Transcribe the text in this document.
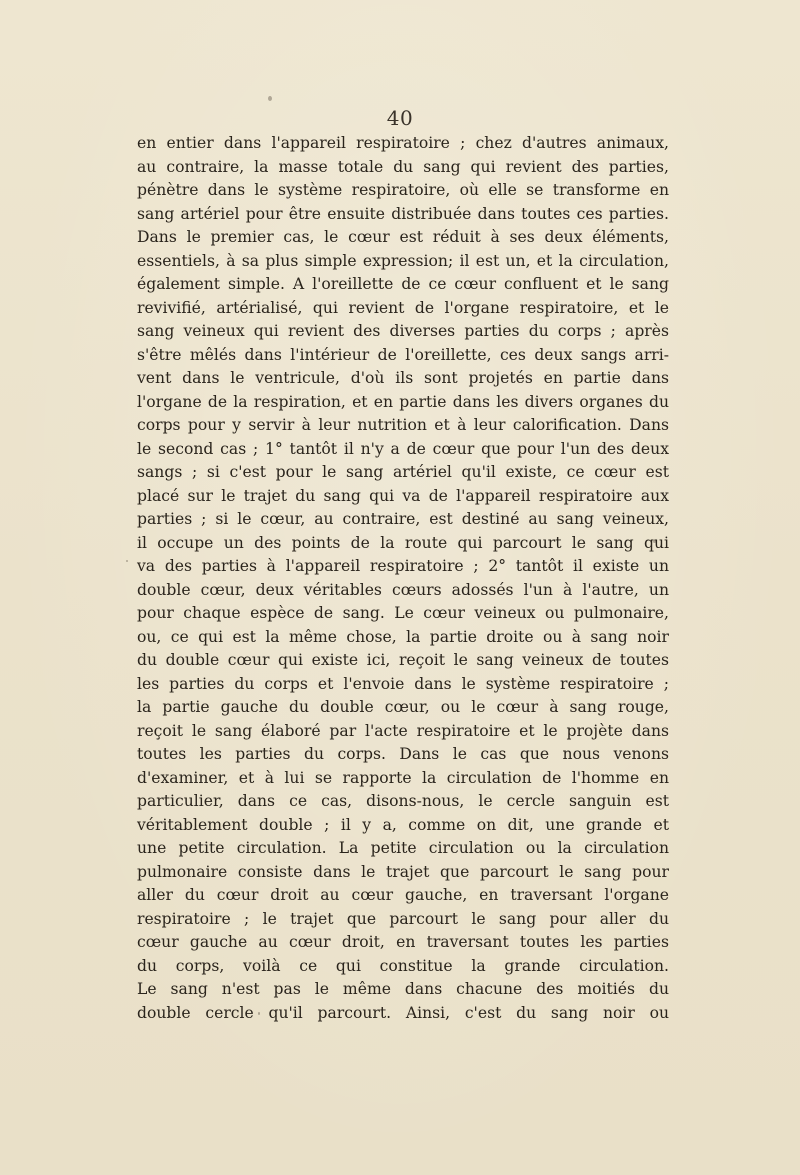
40
en entier dans l'appareil respiratoire ; chez d'autres animaux,
au contraire, la masse totale du sang qui revient des parties,
pénètre dans le système respiratoire, où elle se transforme en
sang artériel pour être ensuite distribuée dans toutes ces parties.
Dans le premier cas, le cœur est réduit à ses deux éléments,
essentiels, à sa plus simple expression; il est un, et la circulation,
également simple. A l'oreillette de ce cœur confluent et le sang
revivifié, artérialisé, qui revient de l'organe respiratoire, et le
sang veineux qui revient des diverses parties du corps ; après
s'être mêlés dans l'intérieur de l'oreillette, ces deux sangs arri-
vent dans le ventricule, d'où ils sont projetés en partie dans
l'organe de la respiration, et en partie dans les divers organes du
corps pour y servir à leur nutrition et à leur calorification. Dans
le second cas ; 1° tantôt il n'y a de cœur que pour l'un des deux
sangs ; si c'est pour le sang artériel qu'il existe, ce cœur est
placé sur le trajet du sang qui va de l'appareil respiratoire aux
parties ; si le cœur, au contraire, est destiné au sang veineux,
il occupe un des points de la route qui parcourt le sang qui
va des parties à l'appareil respiratoire ; 2° tantôt il existe un
double cœur, deux véritables cœurs adossés l'un à l'autre, un
pour chaque espèce de sang. Le cœur veineux ou pulmonaire,
ou, ce qui est la même chose, la partie droite ou à sang noir
du double cœur qui existe ici, reçoit le sang veineux de toutes
les parties du corps et l'envoie dans le système respiratoire ;
la partie gauche du double cœur, ou le cœur à sang rouge,
reçoit le sang élaboré par l'acte respiratoire et le projète dans
toutes les parties du corps. Dans le cas que nous venons
d'examiner, et à lui se rapporte la circulation de l'homme en
particulier, dans ce cas, disons-nous, le cercle sanguin est
véritablement double ; il y a, comme on dit, une grande et
une petite circulation. La petite circulation ou la circulation
pulmonaire consiste dans le trajet que parcourt le sang pour
aller du cœur droit au cœur gauche, en traversant l'organe
respiratoire ; le trajet que parcourt le sang pour aller du
cœur gauche au cœur droit, en traversant toutes les parties
du corps, voilà ce qui constitue la grande circulation.
Le sang n'est pas le même dans chacune des moitiés du
double cercle qu'il parcourt. Ainsi, c'est du sang noir ou
